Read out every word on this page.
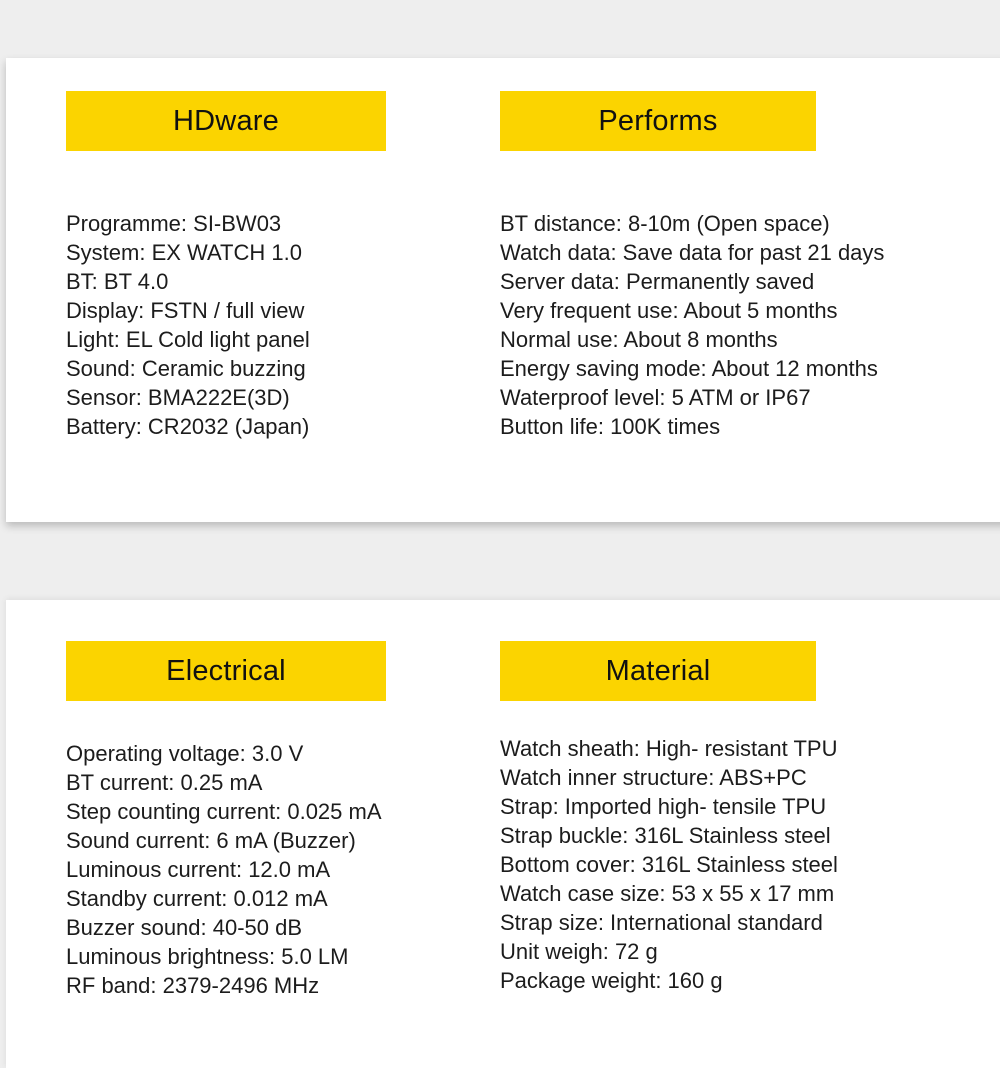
HDware
Programme: SI-BW03
System: EX WATCH 1.0
BT: BT 4.0
Display: FSTN / full view
Light: EL Cold light panel
Sound: Ceramic buzzing
Sensor: BMA222E(3D)
Battery: CR2032 (Japan)
Performs
BT distance: 8-10m (Open space)
Watch data: Save data for past 21 days
Server data: Permanently saved
Very frequent use: About 5 months
Normal use: About 8 months
Energy saving mode: About 12 months
Waterproof level: 5 ATM or IP67
Button life: 100K times
Electrical
Operating voltage: 3.0 V
BT current: 0.25 mA
Step counting current: 0.025 mA
Sound current: 6 mA (Buzzer)
Luminous current: 12.0 mA
Standby current: 0.012 mA
Buzzer sound: 40-50 dB
Luminous brightness: 5.0 LM
RF band: 2379-2496 MHz
Material
Watch sheath: High- resistant TPU
Watch inner structure: ABS+PC
Strap: Imported high- tensile TPU
Strap buckle: 316L Stainless steel
Bottom cover: 316L Stainless steel
Watch case size: 53 x 55 x 17 mm
Strap size: International standard
Unit weigh: 72 g
Package weight: 160 g
